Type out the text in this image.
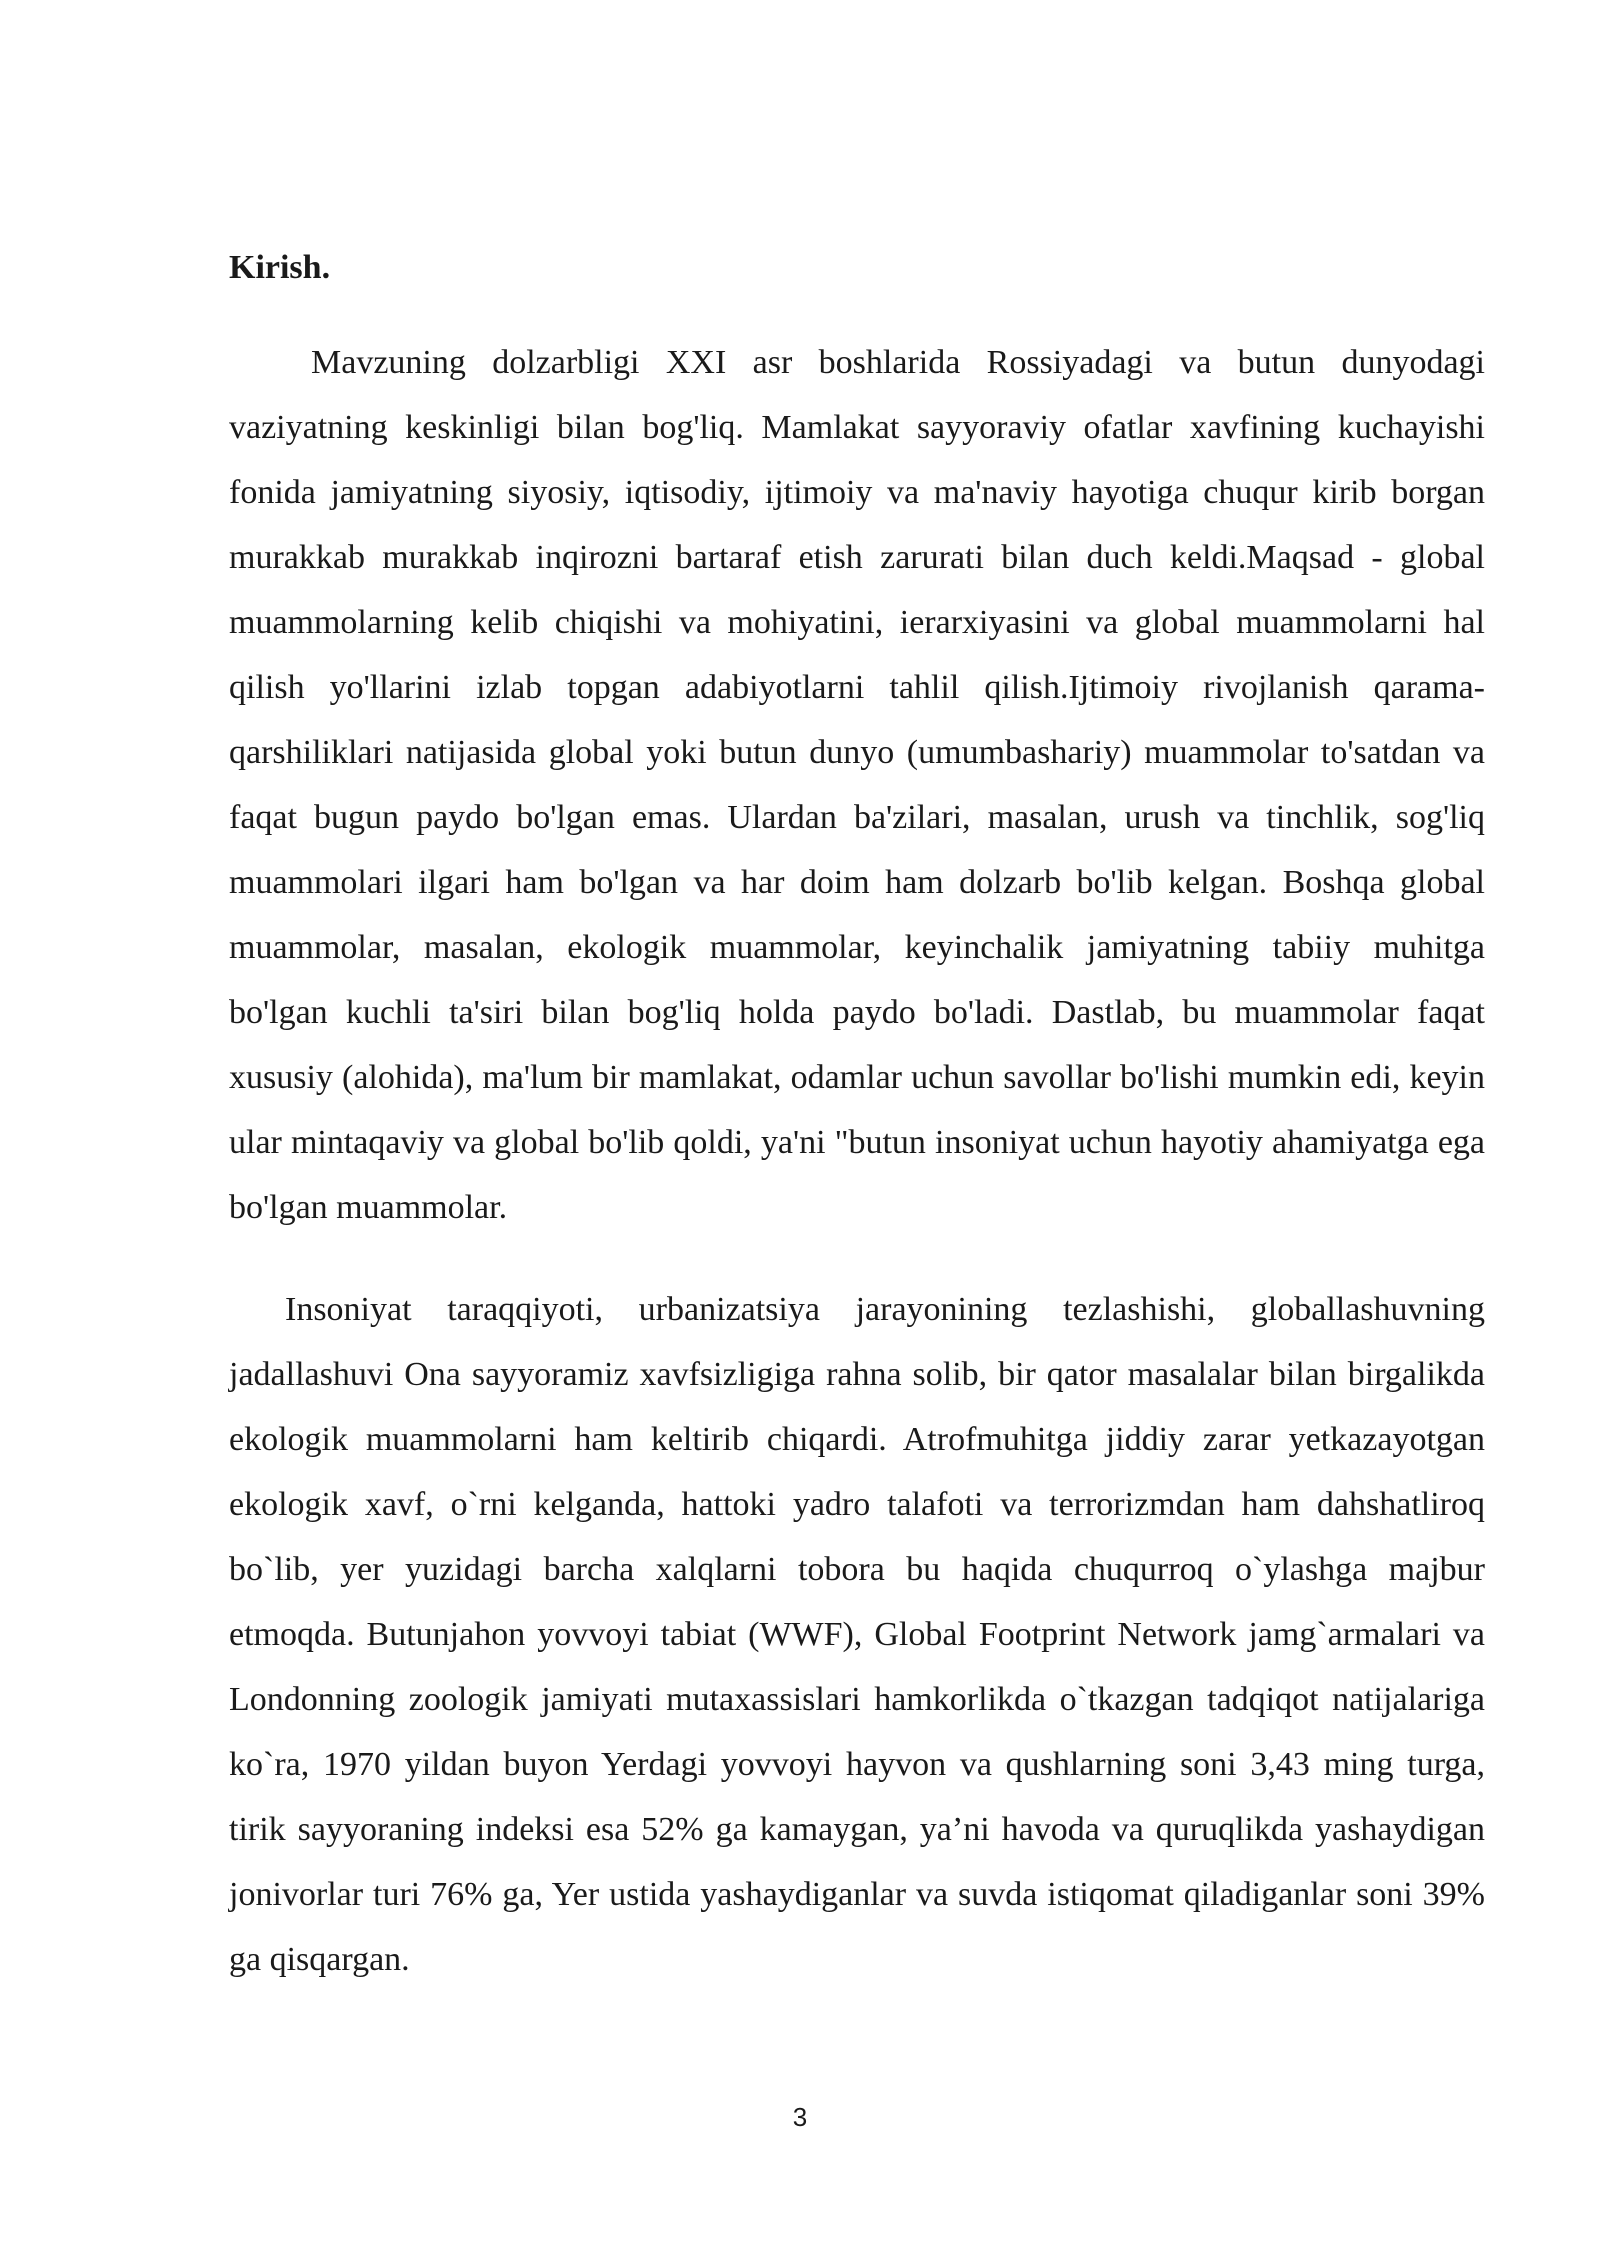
Kirish.

Mavzuning dolzarbligi XXI asr boshlarida Rossiyadagi va butun dunyodagi vaziyatning keskinligi bilan bog'liq. Mamlakat sayyoraviy ofatlar xavfining kuchayishi fonida jamiyatning siyosiy, iqtisodiy, ijtimoiy va ma'naviy hayotiga chuqur kirib borgan murakkab murakkab inqirozni bartaraf etish zarurati bilan duch keldi.Maqsad - global muammolarning kelib chiqishi va mohiyatini, ierarxiyasini va global muammolarni hal qilish yo'llarini izlab topgan adabiyotlarni tahlil qilish.Ijtimoiy rivojlanish qarama-qarshiliklari natijasida global yoki butun dunyo (umumbashariy) muammolar to'satdan va faqat bugun paydo bo'lgan emas. Ulardan ba'zilari, masalan, urush va tinchlik, sog'liq muammolari ilgari ham bo'lgan va har doim ham dolzarb bo'lib kelgan. Boshqa global muammolar, masalan, ekologik muammolar, keyinchalik jamiyatning tabiiy muhitga bo'lgan kuchli ta'siri bilan bog'liq holda paydo bo'ladi. Dastlab, bu muammolar faqat xususiy (alohida), ma'lum bir mamlakat, odamlar uchun savollar bo'lishi mumkin edi, keyin ular mintaqaviy va global bo'lib qoldi, ya'ni "butun insoniyat uchun hayotiy ahamiyatga ega bo'lgan muammolar.

Insoniyat taraqqiyoti, urbanizatsiya jarayonining tezlashishi, globallashuvning jadallashuvi Ona sayyoramiz xavfsizligiga rahna solib, bir qator masalalar bilan birgalikda ekologik muammolarni ham keltirib chiqardi. Atrofmuhitga jiddiy zarar yetkazayotgan ekologik xavf, o`rni kelganda, hattoki yadro talafoti va terrorizmdan ham dahshatliroq bo`lib, yer yuzidagi barcha xalqlarni tobora bu haqida chuqurroq o`ylashga majbur etmoqda. Butunjahon yovvoyi tabiat (WWF), Global Footprint Network jamg`armalari va Londonning zoologik jamiyati mutaxassislari hamkorlikda o`tkazgan tadqiqot natijalariga ko`ra, 1970 yildan buyon Yerdagi yovvoyi hayvon va qushlarning soni 3,43 ming turga, tirik sayyoraning indeksi esa 52% ga kamaygan, ya’ni havoda va quruqlikda yashaydigan jonivorlar turi 76% ga, Yer ustida yashaydiganlar va suvda istiqomat qiladiganlar soni 39% ga qisqargan.

3
